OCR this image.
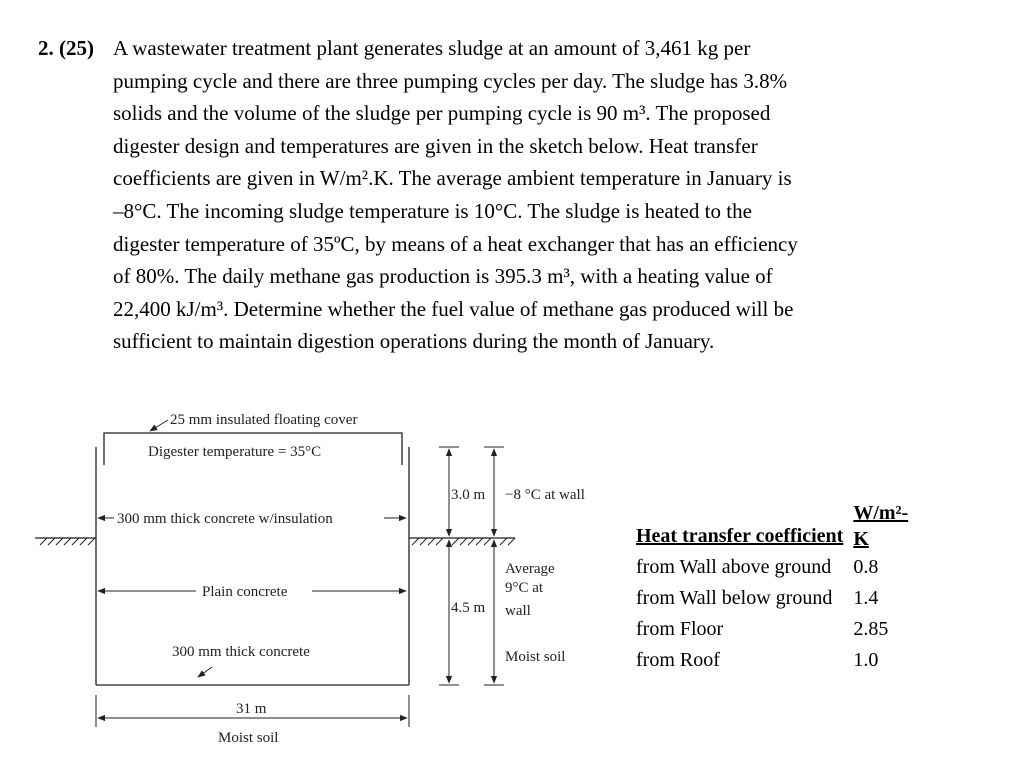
2. (25) A wastewater treatment plant generates sludge at an amount of 3,461 kg per
pumping cycle and there are three pumping cycles per day. The sludge has 3.8%
solids and the volume of the sludge per pumping cycle is 90 m³. The proposed
digester design and temperatures are given in the sketch below. Heat transfer
coefficients are given in W/m².K. The average ambient temperature in January is
–8°C. The incoming sludge temperature is 10°C. The sludge is heated to the
digester temperature of 35ºC, by means of a heat exchanger that has an efficiency
of 80%. The daily methane gas production is 395.3 m³, with a heating value of
22,400 kJ/m³. Determine whether the fuel value of methane gas produced will be
sufficient to maintain digestion operations during the month of January.
25 mm insulated floating cover
Digester temperature = 35°C
300 mm thick concrete w/insulation
Plain concrete
300 mm thick concrete
31 m
Moist soil
3.0 m
4.5 m
−8 °C at wall
Average
9°C at
wall
Moist soil
Heat transfer coefficient	W/m²-
K

from Wall above ground	0.8
from Wall below ground	1.4
from Floor	2.85
from Roof	1.0
